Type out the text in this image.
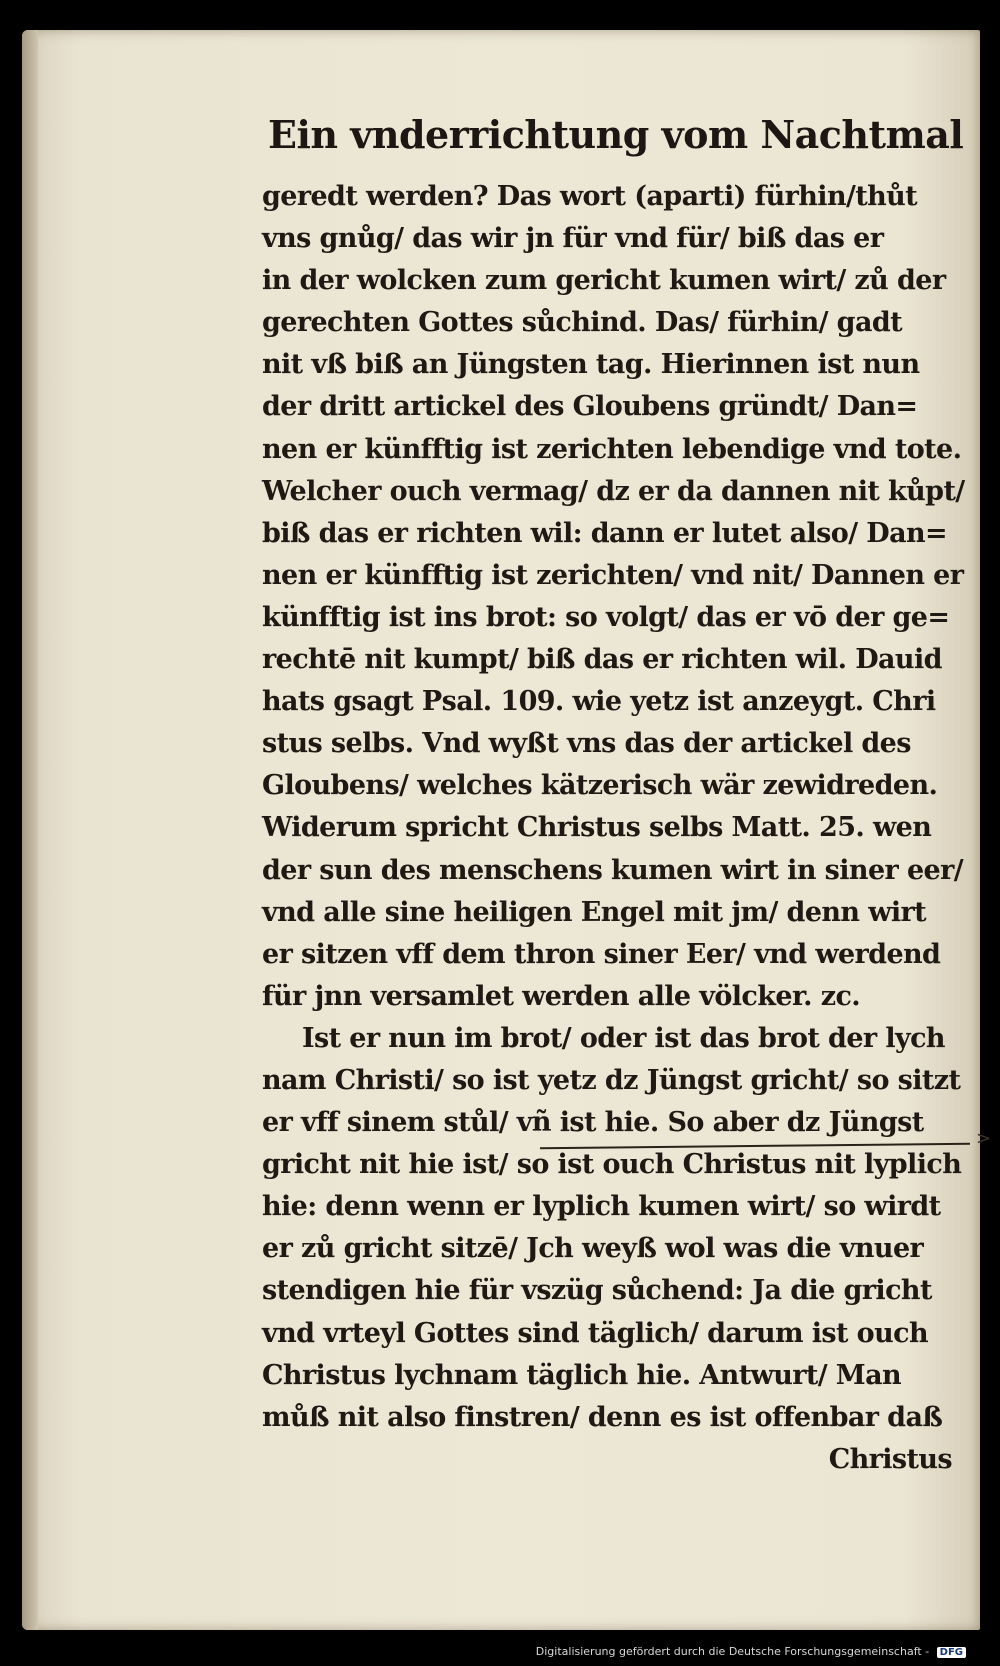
Ein vnderrichtung vom Nachtmal
geredt werden? Das wort (aparti) fürhin/thůt
vns gnůg/ das wir jn für vnd für/ biß das er
in der wolcken zum gericht kumen wirt/ zů der
gerechten Gottes sůchind. Das/ fürhin/ gadt
nit vß biß an Jüngsten tag. Hierinnen ist nun
der dritt artickel des Gloubens gründt/ Dan=
nen er künfftig ist zerichten lebendige vnd tote.
Welcher ouch vermag/ dz er da dannen nit kůpt/
biß das er richten wil: dann er lutet also/ Dan=
nen er künfftig ist zerichten/ vnd nit/ Dannen er
künfftig ist ins brot: so volgt/ das er vō der ge=
rechtē nit kumpt/ biß das er richten wil. Dauid
hats gsagt Psal. 109. wie yetz ist anzeygt. Chri
stus selbs. Vnd wyßt vns das der artickel des
Gloubens/ welches kätzerisch wär zewidreden.
Widerum spricht Christus selbs Matt. 25. wen
der sun des menschens kumen wirt in siner eer/
vnd alle sine heiligen Engel mit jm/ denn wirt
er sitzen vff dem thron siner Eer/ vnd werdend
für jnn versamlet werden alle völcker. zc.
Ist er nun im brot/ oder ist das brot der lych
nam Christi/ so ist yetz dz Jüngst gricht/ so sitzt
er vff sinem stůl/ vñ ist hie. So aber dz Jüngst
gricht nit hie ist/ so ist ouch Christus nit lyplich
hie: denn wenn er lyplich kumen wirt/ so wirdt
er zů gricht sitzē/ Jch weyß wol was die vnuer
stendigen hie für vszüg sůchend: Ja die gricht
vnd vrteyl Gottes sind täglich/ darum ist ouch
Christus lychnam täglich hie. Antwurt/ Man
můß nit also finstren/ denn es ist offenbar daß
Christus
>
Digitalisierung gefördert durch die Deutsche Forschungsgemeinschaft - DFG
